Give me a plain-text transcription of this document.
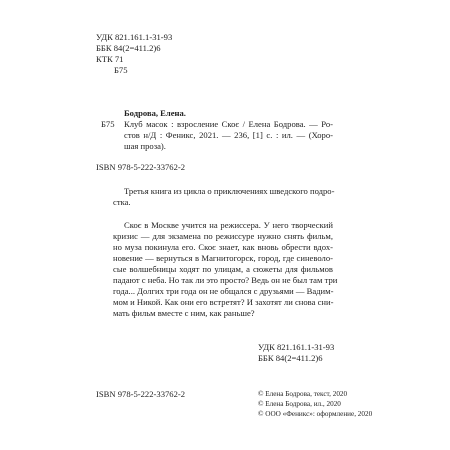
УДК 821.161.1-31-93
ББК 84(2=411.2)6
КТК 71
Б75
Бодрова, Елена.
Б75 Клуб масок : взросление Скоє / Елена Бодрова. — Ро-
стов н/Д : Феникс, 2021. — 236, [1] с. : ил. — (Хоро-
шая проза).
ISBN 978-5-222-33762-2
Третья книга из цикла о приключениях шведского подро-
стка.
Скоє в Москве учится на режиссера. У него творческий
кризис — для экзамена по режиссуре нужно снять фильм,
но муза покинула его. Скоє знает, как вновь обрести вдох-
новение — вернуться в Магнитогорск, город, где синеволо-
сые волшебницы ходят по улицам, а сюжеты для фильмов
падают с неба. Но так ли это просто? Ведь он не был там три
года... Долгих три года он не общался с друзьями — Вадим-
мом и Никой. Как они его встретят? И захотят ли снова сни-
мать фильм вместе с ним, как раньше?
УДК 821.161.1-31-93
ББК 84(2=411.2)6
ISBN 978-5-222-33762-2	© Елена Бодрова, текст, 2020
© Елена Бодрова, ил., 2020
© ООО «Феникс»: оформление, 2020
